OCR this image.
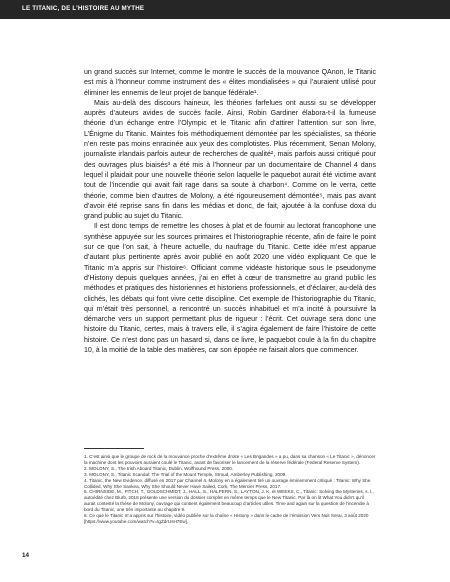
LE TITANIC, DE L’HISTOIRE AU MYTHE

un grand succès sur Internet, comme le montre le succès de la mouvance QAnon, le Titanic est mis à l’honneur comme instrument des « élites mondialisées » qui l’auraient utilisé pour éliminer les ennemis de leur projet de banque fédérale¹.

Mais au-delà des discours haineux, les théories farfelues ont aussi su se développer auprès d’auteurs avides de succès facile. Ainsi, Robin Gardiner élabora-t-il la fumeuse théorie d’un échange entre l’Olympic et le Titanic afin d’attirer l’attention sur son livre, L’Énigme du Titanic. Maintes fois méthodiquement démontée par les spécialistes, sa théorie n’en reste pas moins enracinée aux yeux des complotistes. Plus récemment, Senan Molony, journaliste irlandais parfois auteur de recherches de qualité², mais parfois aussi critiqué pour des ouvrages plus biaisés³ a été mis à l’honneur par un documentaire de Channel 4 dans lequel il plaidait pour une nouvelle théorie selon laquelle le paquebot aurait été victime avant tout de l’incendie qui avait fait rage dans sa soute à charbon⁴. Comme on le verra, cette théorie, comme bien d’autres de Molony, a été rigoureusement démontée⁵, mais pas avant d’avoir été reprise sans fin dans les médias et donc, de fait, ajoutée à la confuse doxa du grand public au sujet du Titanic.

Il est donc temps de remettre les choses à plat et de fournir au lectorat francophone une synthèse appuyée sur les sources primaires et l’historiographie récente, afin de faire le point sur ce que l’on sait, à l’heure actuelle, du naufrage du Titanic. Cette idée m’est apparue d’autant plus pertinente après avoir publié en août 2020 une vidéo expliquant Ce que le Titanic m’a appris sur l’histoire⁶. Officiant comme vidéaste historique sous le pseudonyme d’Histony depuis quelques années, j’ai en effet à cœur de transmettre au grand public les méthodes et pratiques des historiennes et historiens professionnels, et d’éclairer, au-delà des clichés, les débats qui font vivre cette discipline. Cet exemple de l’historiographie du Titanic, qui m’était très personnel, a rencontré un succès inhabituel et m’a incité à poursuivre la démarche vers un support permettant plus de rigueur : l’écrit. Cet ouvrage sera donc une histoire du Titanic, certes, mais à travers elle, il s’agira également de faire l’histoire de cette histoire. Ce n’est donc pas un hasard si, dans ce livre, le paquebot coule à la fin du chapitre 10, à la moitié de la table des matières, car son épopée ne faisait alors que commencer.

1. C’est ainsi que le groupe de rock de la mouvance proche d’extrême droite « Les Brigandes » a pu, dans sa chanson « Le Titanic », dénoncer la machine dont les pouvoirs auraient coulé le Titanic, avant de favoriser le lancement de la réserve fédérale (Federal Reserve System).

2. MOLONY, S., The Irish Aboard Titanic, Dublin, Wolfhound Press, 2000.

3. MOLONY, S., Titanic Scandal: The Trial of the Mount Temple, Stroud, Amberley Publishing, 2009.

4. Titanic, the New Evidence, diffusé en 2017 par Channel 4. Molony en a également tiré un ouvrage éminemment critiqué : Titanic: Why She Collided, Why She Sankea, Why She Should Never Have Sailed, Cork, The Mercier Press, 2017.

5. CHIRNSIDE, M., FITCH, T., GOLDSCHMIDT, J., HALL, S., HALPERN, S., LAYTON, J. K. et WEEKS, C., Titanic: Solving the Mysteries, s. l., autoédité chez Blurb, 2018 présente une version du dossier complet en même temps que le New Titanic. Par là on lit What You didn’t qu’il aurait contesté la thèse de Molony, ouvrage qui contient également beaucoup d’articles utiles. Time and again sur la question de l’incendie à bord du Titanic, une très importante au chapitre 9.

6. Ce que le Titanic m’a appris sur l’histoire, vidéo publiée sur la chaîne « Histony » dans le cadre de l’émission Vers Nuit Serai, 3 août 2020 [https://www.youtube.com/watch?v=tgZdrUsH7Ew].

14
